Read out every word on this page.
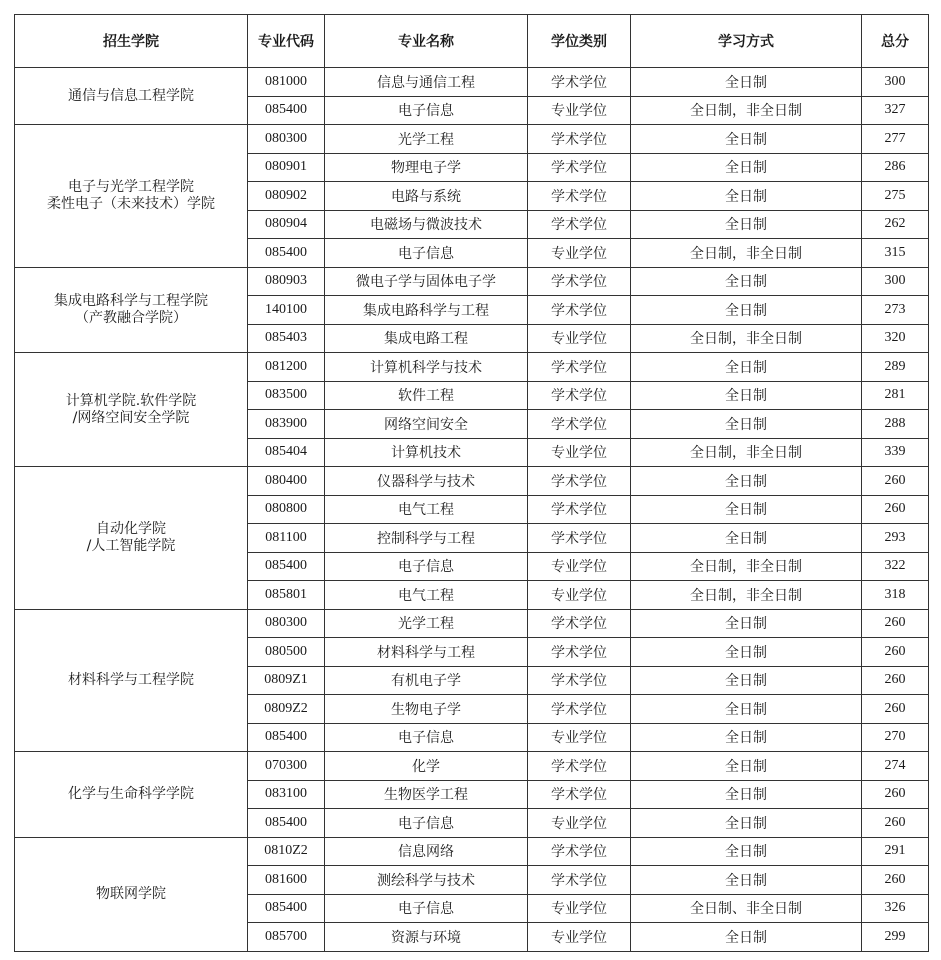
招生学院	专业代码	专业名称	学位类别	学习方式	总分

通信与信息工程学院	081000	信息与通信工程	学术学位	全日制	300
	085400	电子信息	专业学位	全日制，非全日制	327

电子与光学工程学院
柔性电子（未来技术）学院	080300	光学工程	学术学位	全日制	277
	080901	物理电子学	学术学位	全日制	286
	080902	电路与系统	学术学位	全日制	275
	080904	电磁场与微波技术	学术学位	全日制	262
	085400	电子信息	专业学位	全日制，非全日制	315

集成电路科学与工程学院
（产教融合学院）	080903	微电子学与固体电子学	学术学位	全日制	300
	140100	集成电路科学与工程	学术学位	全日制	273
	085403	集成电路工程	专业学位	全日制，非全日制	320

计算机学院.软件学院
/网络空间安全学院	081200	计算机科学与技术	学术学位	全日制	289
	083500	软件工程	学术学位	全日制	281
	083900	网络空间安全	学术学位	全日制	288
	085404	计算机技术	专业学位	全日制，非全日制	339

自动化学院
/人工智能学院	080400	仪器科学与技术	学术学位	全日制	260
	080800	电气工程	学术学位	全日制	260
	081100	控制科学与工程	学术学位	全日制	293
	085400	电子信息	专业学位	全日制，非全日制	322
	085801	电气工程	专业学位	全日制，非全日制	318

材料科学与工程学院	080300	光学工程	学术学位	全日制	260
	080500	材料科学与工程	学术学位	全日制	260
	0809Z1	有机电子学	学术学位	全日制	260
	0809Z2	生物电子学	学术学位	全日制	260
	085400	电子信息	专业学位	全日制	270

化学与生命科学学院	070300	化学	学术学位	全日制	274
	083100	生物医学工程	学术学位	全日制	260
	085400	电子信息	专业学位	全日制	260

物联网学院	0810Z2	信息网络	学术学位	全日制	291
	081600	测绘科学与技术	学术学位	全日制	260
	085400	电子信息	专业学位	全日制、非全日制	326
	085700	资源与环境	专业学位	全日制	299
